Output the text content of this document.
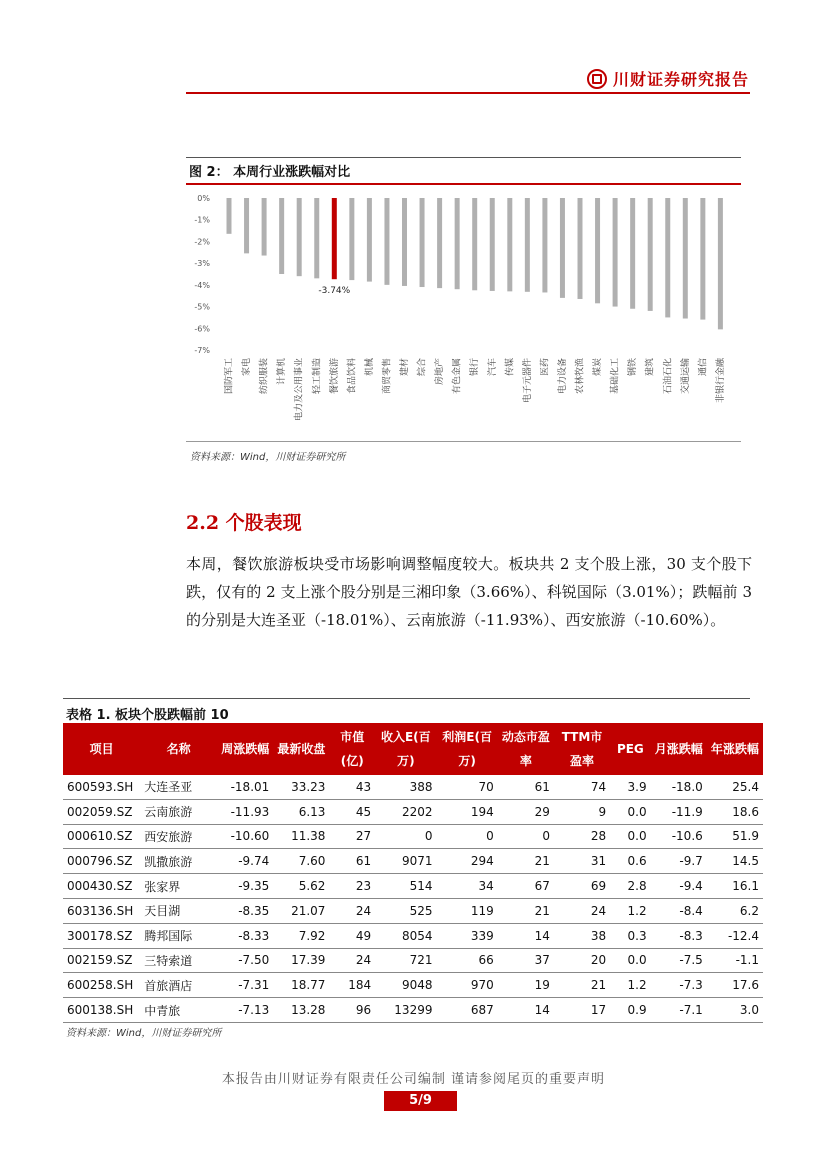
川财证券研究报告
图 2： 本周行业涨跌幅对比
0%
-1%
-2%
-3%
-4%
-5%
-6%
-7%
国防军工 家电 纺织服装 计算机 电力及公用事业 轻工制造 餐饮旅游
-3.74%
食品饮料 机械 商贸零售 建材 综合 房地产 有色金属 银行 汽车 传媒 电子元器件 医药 电力设备 农林牧渔 煤炭 基础化工 钢铁 建筑 石油石化 交通运输 通信 非银行金融
资料来源：Wind，川财证券研究所
2.2 个股表现
本周，餐饮旅游板块受市场影响调整幅度较大。板块共 2 支个股上涨，30 支个股下跌，仅有的 2 支上涨个股分别是三湘印象（3.66%）、科锐国际（3.01%）；跌幅前 3 的分别是大连圣亚（-18.01%）、云南旅游（-11.93%）、西安旅游（-10.60%）。
表格 1. 板块个股跌幅前 10
项目	名称	周涨跌幅	最新收盘	市值(亿)	收入E(百万)	利润E(百万)	动态市盈率	TTM市盈率	PEG	月涨跌幅	年涨跌幅
600593.SH	大连圣亚	-18.01	33.23	43	388	70	61	74	3.9	-18.0	25.4
002059.SZ	云南旅游	-11.93	6.13	45	2202	194	29	9	0.0	-11.9	18.6
000610.SZ	西安旅游	-10.60	11.38	27	0	0	0	28	0.0	-10.6	51.9
000796.SZ	凯撒旅游	-9.74	7.60	61	9071	294	21	31	0.6	-9.7	14.5
000430.SZ	张家界	-9.35	5.62	23	514	34	67	69	2.8	-9.4	16.1
603136.SH	天目湖	-8.35	21.07	24	525	119	21	24	1.2	-8.4	6.2
300178.SZ	腾邦国际	-8.33	7.92	49	8054	339	14	38	0.3	-8.3	-12.4
002159.SZ	三特索道	-7.50	17.39	24	721	66	37	20	0.0	-7.5	-1.1
600258.SH	首旅酒店	-7.31	18.77	184	9048	970	19	21	1.2	-7.3	17.6
600138.SH	中青旅	-7.13	13.28	96	13299	687	14	17	0.9	-7.1	3.0
资料来源：Wind，川财证券研究所
本报告由川财证券有限责任公司编制 谨请参阅尾页的重要声明
5/9
